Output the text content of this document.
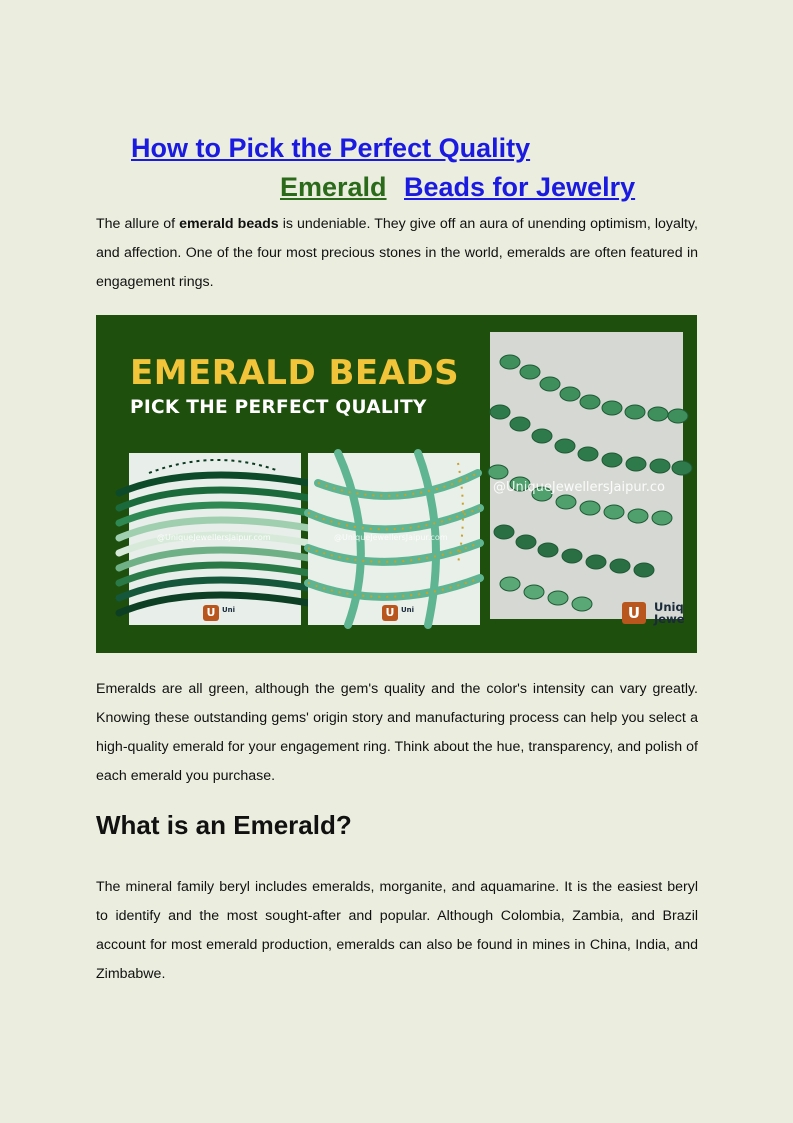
How to Pick the Perfect Quality
Emerald Beads for Jewelry
The allure of emerald beads is undeniable. They give off an aura of unending optimism, loyalty, and affection. One of the four most precious stones in the world, emeralds are often featured in engagement rings.
EMERALD BEADS
PICK THE PERFECT QUALITY
@UniqueJewellersJaipur.com
U Uni
@UniqueJewellersJaipur.com
U Uni
@UniqueJewellersJaipur.co
U	Uniq
Jewe
Emeralds are all green, although the gem's quality and the color's intensity can vary greatly. Knowing these outstanding gems' origin story and manufacturing process can help you select a high-quality emerald for your engagement ring. Think about the hue, transparency, and polish of each emerald you purchase.
What is an Emerald?
The mineral family beryl includes emeralds, morganite, and aquamarine. It is the easiest beryl to identify and the most sought-after and popular. Although Colombia, Zambia, and Brazil account for most emerald production, emeralds can also be found in mines in China, India, and Zimbabwe.
